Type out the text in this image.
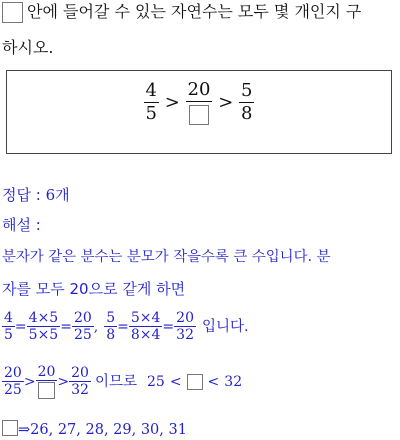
안에 들어갈 수 있는 자연수는 모두 몇 개인지 구
하시오.
$\frac{4}{5}$ >
20
> $\frac{5}{8}$
정답 : 6개
해설 :
분자가 같은 분수는 분모가 작을수록 큰 수입니다. 분
자를 모두 20으로 같게 하면
$\frac{4}{5} = \frac{4\times 5}{5\times 5} = \frac{20}{25}$ , $\frac{5}{8} = \frac{5\times 4}{8\times 4} = \frac{20}{32}$ 입니다.
$\frac{20}{25}$ >
20
> $\frac{20}{32}$ 이므로 25 < < 32
⇒26, 27, 28, 29, 30, 31
